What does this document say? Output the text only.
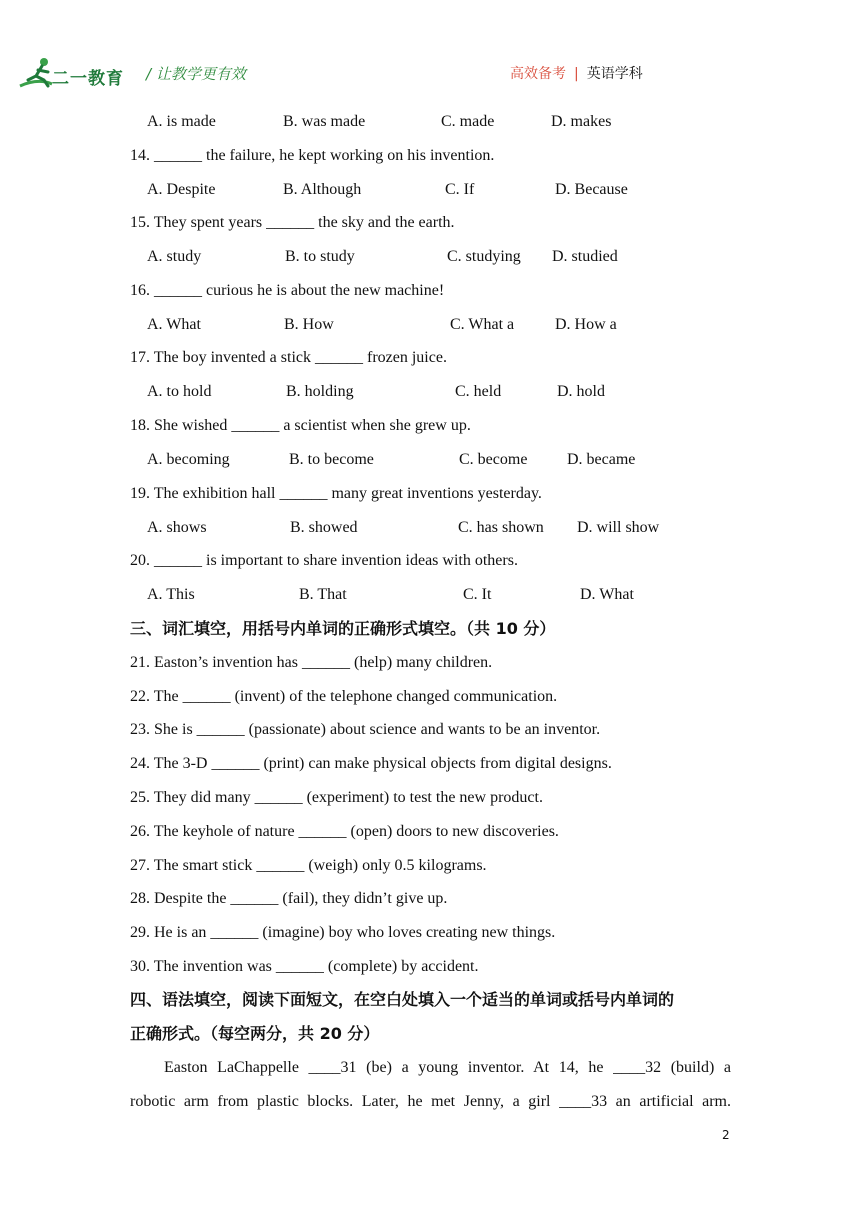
二一教育 / 让教学更有效	高效备考 | 英语学科
A. is made	B. was made	C. made	D. makes
14. ______ the failure, he kept working on his invention.
A. Despite	B. Although	C. If	D. Because
15. They spent years ______ the sky and the earth.
A. study	B. to study	C. studying D. studied
16. ______ curious he is about the new machine!
A. What	B. How	C. What a	D. How a
17. The boy invented a stick ______ frozen juice.
A. to hold	B. holding	C. held	D. hold
18. She wished ______ a scientist when she grew up.
A. becoming	B. to become	C. become D. became
19. The exhibition hall ______ many great inventions yesterday.
A. shows	B. showed	C. has shown D. will show
20. ______ is important to share invention ideas with others.
A. This	B. That	C. It	D. What
三、词汇填空，用括号内单词的正确形式填空。（共 10 分）
21. Easton’s invention has ______ (help) many children.
22. The ______ (invent) of the telephone changed communication.
23. She is ______ (passionate) about science and wants to be an inventor.
24. The 3-D ______ (print) can make physical objects from digital designs.
25. They did many ______ (experiment) to test the new product.
26. The keyhole of nature ______ (open) doors to new discoveries.
27. The smart stick ______ (weigh) only 0.5 kilograms.
28. Despite the ______ (fail), they didn’t give up.
29. He is an ______ (imagine) boy who loves creating new things.
30. The invention was ______ (complete) by accident.
四、语法填空，阅读下面短文，在空白处填入一个适当的单词或括号内单词的
正确形式。（每空两分，共 20 分）
Easton LaChappelle ____31 (be) a young inventor. At 14, he ____32 (build) a
robotic arm from plastic blocks. Later, he met Jenny, a girl ____33 an artificial arm.
2
